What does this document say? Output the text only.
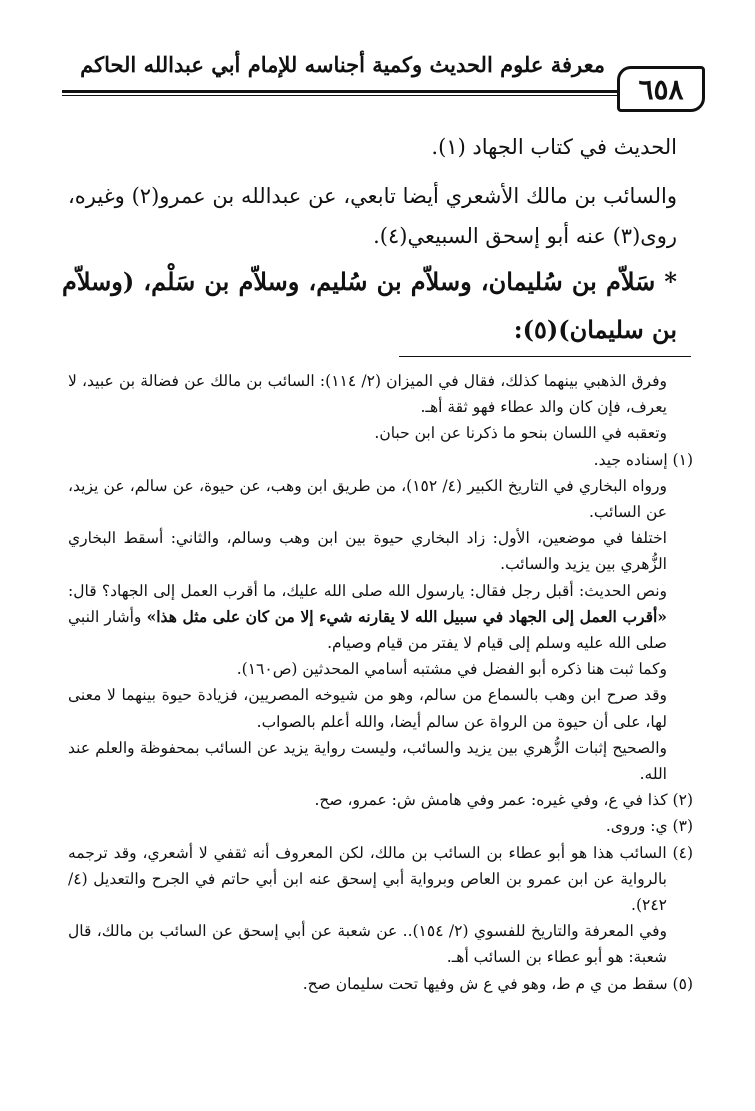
معرفة علوم الحديث وكمية أجناسه للإمام أبي عبدالله الحاكم
٦٥٨
الحديث في كتاب الجهاد (١).
والسائب بن مالك الأشعري أيضا تابعي، عن عبدالله بن عمرو(٢) وغيره، روى(٣) عنه أبو إسحق السبيعي(٤).
* سَلاّم بن سُليمان، وسلاّم بن سُليم، وسلاّم بن سَلْم، (وسلاّم بن سليمان)(٥):

وفرق الذهبي بينهما كذلك، فقال في الميزان (٢/ ١١٤): السائب بن مالك عن فضالة بن عبيد، لا يعرف، فإن كان والد عطاء فهو ثقة أهـ.

وتعقبه في اللسان بنحو ما ذكرنا عن ابن حبان.

(١) إسناده جيد.

ورواه البخاري في التاريخ الكبير (٤/ ١٥٢)، من طريق ابن وهب، عن حيوة، عن سالم، عن يزيد، عن السائب.

اختلفا في موضعين، الأول: زاد البخاري حيوة بين ابن وهب وسالم، والثاني: أسقط البخاري الزُّهري بين يزيد والسائب.

ونص الحديث: أقبل رجل فقال: يارسول الله صلى الله عليك، ما أقرب العمل إلى الجهاد؟ قال: «أقرب العمل إلى الجهاد في سبيل الله لا يقارنه شيء إلا من كان على مثل هذا» وأشار النبي صلى الله عليه وسلم إلى قيام لا يفتر من قيام وصيام.

وكما ثبت هنا ذكره أبو الفضل في مشتبه أسامي المحدثين (ص١٦٠).

وقد صرح ابن وهب بالسماع من سالم، وهو من شيوخه المصريين، فزيادة حيوة بينهما لا معنى لها، على أن حيوة من الرواة عن سالم أيضا، والله أعلم بالصواب.

والصحيح إثبات الزُّهري بين يزيد والسائب، وليست رواية يزيد عن السائب بمحفوظة والعلم عند الله.

(٢) كذا في ع، وفي غيره: عمر وفي هامش ش: عمرو، صح.

(٣) ي: وروى.

(٤) السائب هذا هو أبو عطاء بن السائب بن مالك، لكن المعروف أنه ثقفي لا أشعري، وقد ترجمه بالرواية عن ابن عمرو بن العاص وبرواية أبي إسحق عنه ابن أبي حاتم في الجرح والتعديل (٤/ ٢٤٢).

وفي المعرفة والتاريخ للفسوي (٢/ ١٥٤).. عن شعبة عن أبي إسحق عن السائب بن مالك، قال شعبة: هو أبو عطاء بن السائب أهـ.

(٥) سقط من ي م ط، وهو في ع ش وفيها تحت سليمان صح.
